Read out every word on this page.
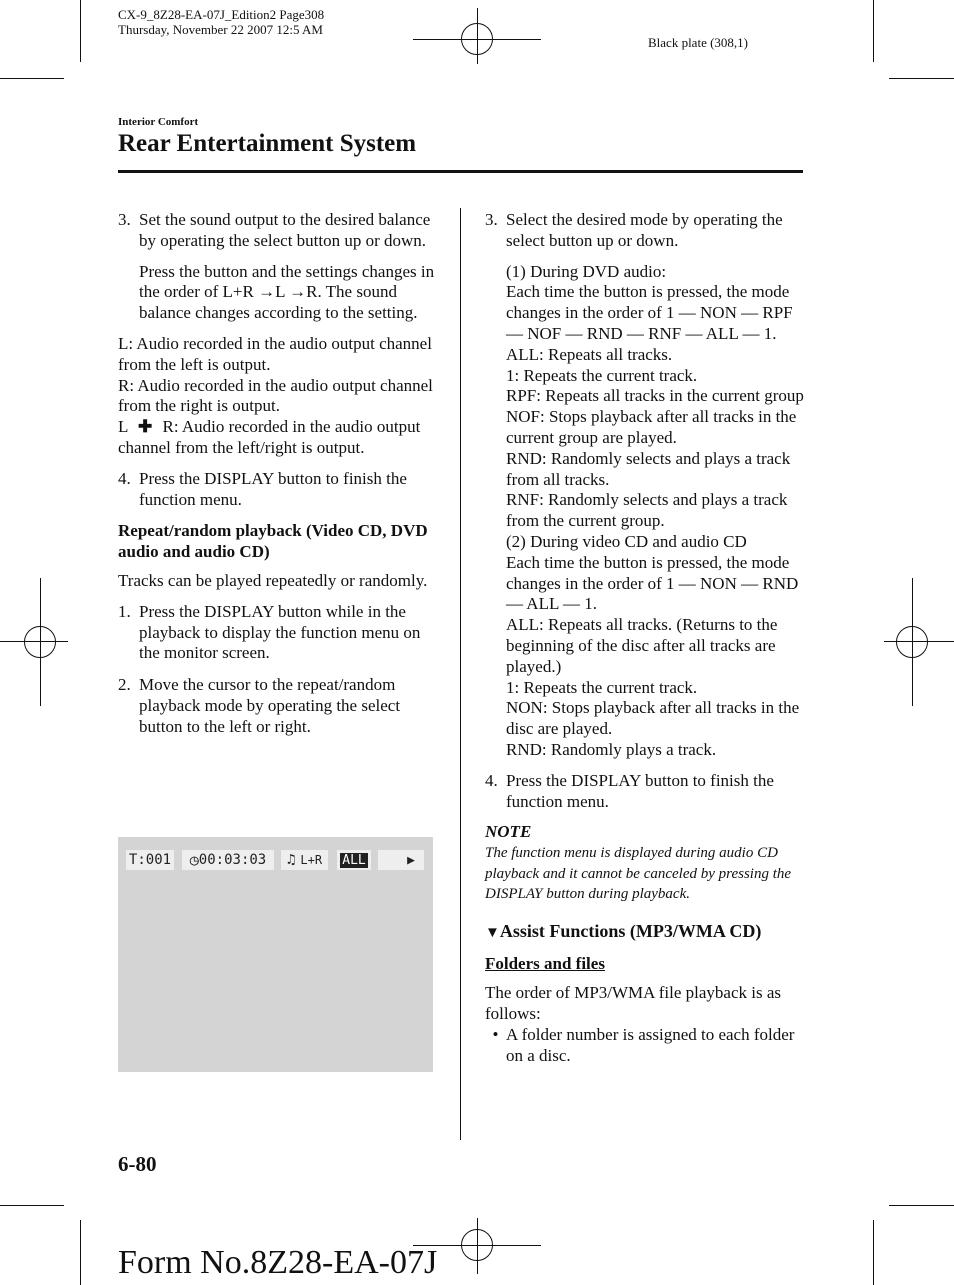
CX-9_8Z28-EA-07J_Edition2 Page308
Thursday, November 22 2007 12:5 AM
Black plate (308,1)
Interior Comfort
Rear Entertainment System
3. Set the sound output to the desired balance by operating the select button up or down.

Press the button and the settings changes in the order of L+R →L →R. The sound balance changes according to the setting.

L: Audio recorded in the audio output channel from the left is output.

R: Audio recorded in the audio output channel from the right is output.

L ✚ R: Audio recorded in the audio output channel from the left/right is output.

4. Press the DISPLAY button to finish the function menu.

Repeat/random playback (Video CD, DVD audio and audio CD)

Tracks can be played repeatedly or randomly.

1. Press the DISPLAY button while in the playback to display the function menu on the monitor screen.
2. Move the cursor to the repeat/random playback mode by operating the select button to the left or right.
T:001 ◷ 00:03:03 ♫ L+R ALL	▶
3. Select the desired mode by operating the select button up or down.

(1) During DVD audio:

Each time the button is pressed, the mode changes in the order of 1 ― NON ― RPF ― NOF ― RND ― RNF ― ALL ― 1.

ALL: Repeats all tracks.

1: Repeats the current track.

RPF: Repeats all tracks in the current group

NOF: Stops playback after all tracks in the current group are played.

RND: Randomly selects and plays a track from all tracks.

RNF: Randomly selects and plays a track from the current group.

(2) During video CD and audio CD

Each time the button is pressed, the mode changes in the order of 1 ― NON ― RND ― ALL ― 1.

ALL: Repeats all tracks. (Returns to the beginning of the disc after all tracks are played.)

1: Repeats the current track.

NON: Stops playback after all tracks in the disc are played.

RND: Randomly plays a track.

4. Press the DISPLAY button to finish the function menu.

NOTE

The function menu is displayed during audio CD playback and it cannot be canceled by pressing the DISPLAY button during playback.

▼Assist Functions (MP3/WMA CD)

Folders and files

The order of MP3/WMA file playback is as follows:

• A folder number is assigned to each folder on a disc.
6-80
Form No.8Z28-EA-07J
